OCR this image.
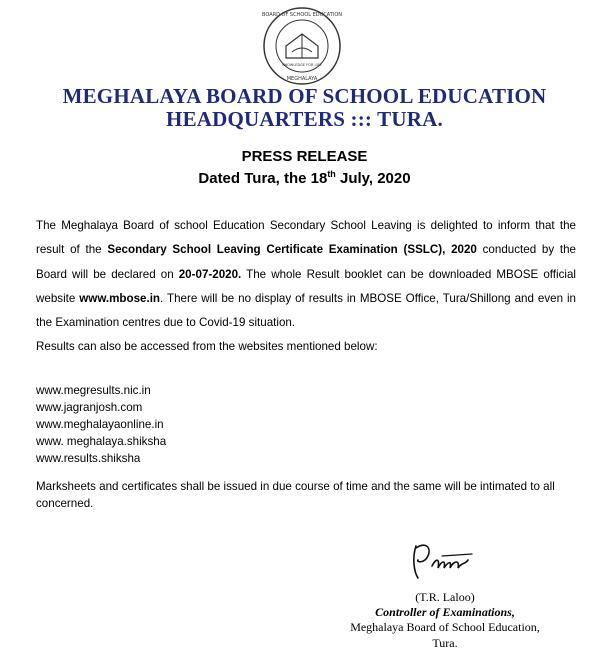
BOARD OF SCHOOL EDUCATION
MEGHALAYA
KNOWLEDGE FOR LIFE
MEGHALAYA BOARD OF SCHOOL EDUCATION
HEADQUARTERS ::: TURA.
PRESS RELEASE
Dated Tura, the 18th July, 2020
The Meghalaya Board of school Education Secondary School Leaving is delighted to inform that the result of the Secondary School Leaving Certificate Examination (SSLC), 2020 conducted by the Board will be declared on 20-07-2020. The whole Result booklet can be downloaded MBOSE official website www.mbose.in. There will be no display of results in MBOSE Office, Tura/Shillong and even in the Examination centres due to Covid-19 situation.
Results can also be accessed from the websites mentioned below:
www.megresults.nic.in
www.jagranjosh.com
www.meghalayaonline.in
www. meghalaya.shiksha
www.results.shiksha
Marksheets and certificates shall be issued in due course of time and the same will be intimated to all concerned.
(T.R. Laloo)
Controller of Examinations,
Meghalaya Board of School Education,
Tura.
